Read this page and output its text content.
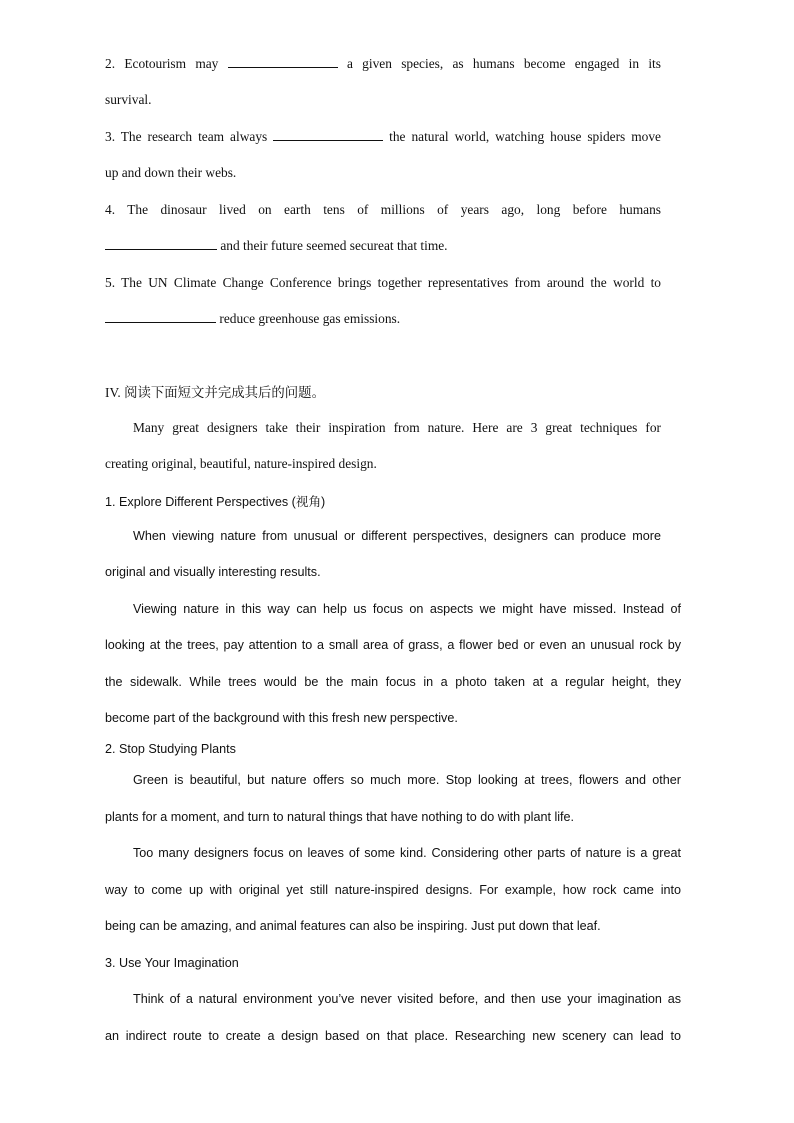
2. Ecotourism may	a given species, as humans become engaged in its
survival.
3. The research team always	the natural world, watching house spiders move
up and down their webs.
4. The dinosaur lived on earth tens of millions of years ago, long before humans
and their future seemed secureat that time.
5. The UN Climate Change Conference brings together representatives from around the world to
reduce greenhouse gas emissions.
IV. 阅读下面短文并完成其后的问题。
Many great designers take their inspiration from nature. Here are 3 great techniques for
creating original, beautiful, nature-inspired design.
1. Explore Different Perspectives (视角)
When viewing nature from unusual or different perspectives, designers can produce more
original and visually interesting results.
Viewing nature in this way can help us focus on aspects we might have missed. Instead of
looking at the trees, pay attention to a small area of grass, a flower bed or even an unusual rock by
the sidewalk. While trees would be the main focus in a photo taken at a regular height, they
become part of the background with this fresh new perspective.
2. Stop Studying Plants
Green is beautiful, but nature offers so much more. Stop looking at trees, flowers and other
plants for a moment, and turn to natural things that have nothing to do with plant life.
Too many designers focus on leaves of some kind. Considering other parts of nature is a great
way to come up with original yet still nature-inspired designs. For example, how rock came into
being can be amazing, and animal features can also be inspiring. Just put down that leaf.
3. Use Your Imagination
Think of a natural environment you’ve never visited before, and then use your imagination as
an indirect route to create a design based on that place. Researching new scenery can lead to
